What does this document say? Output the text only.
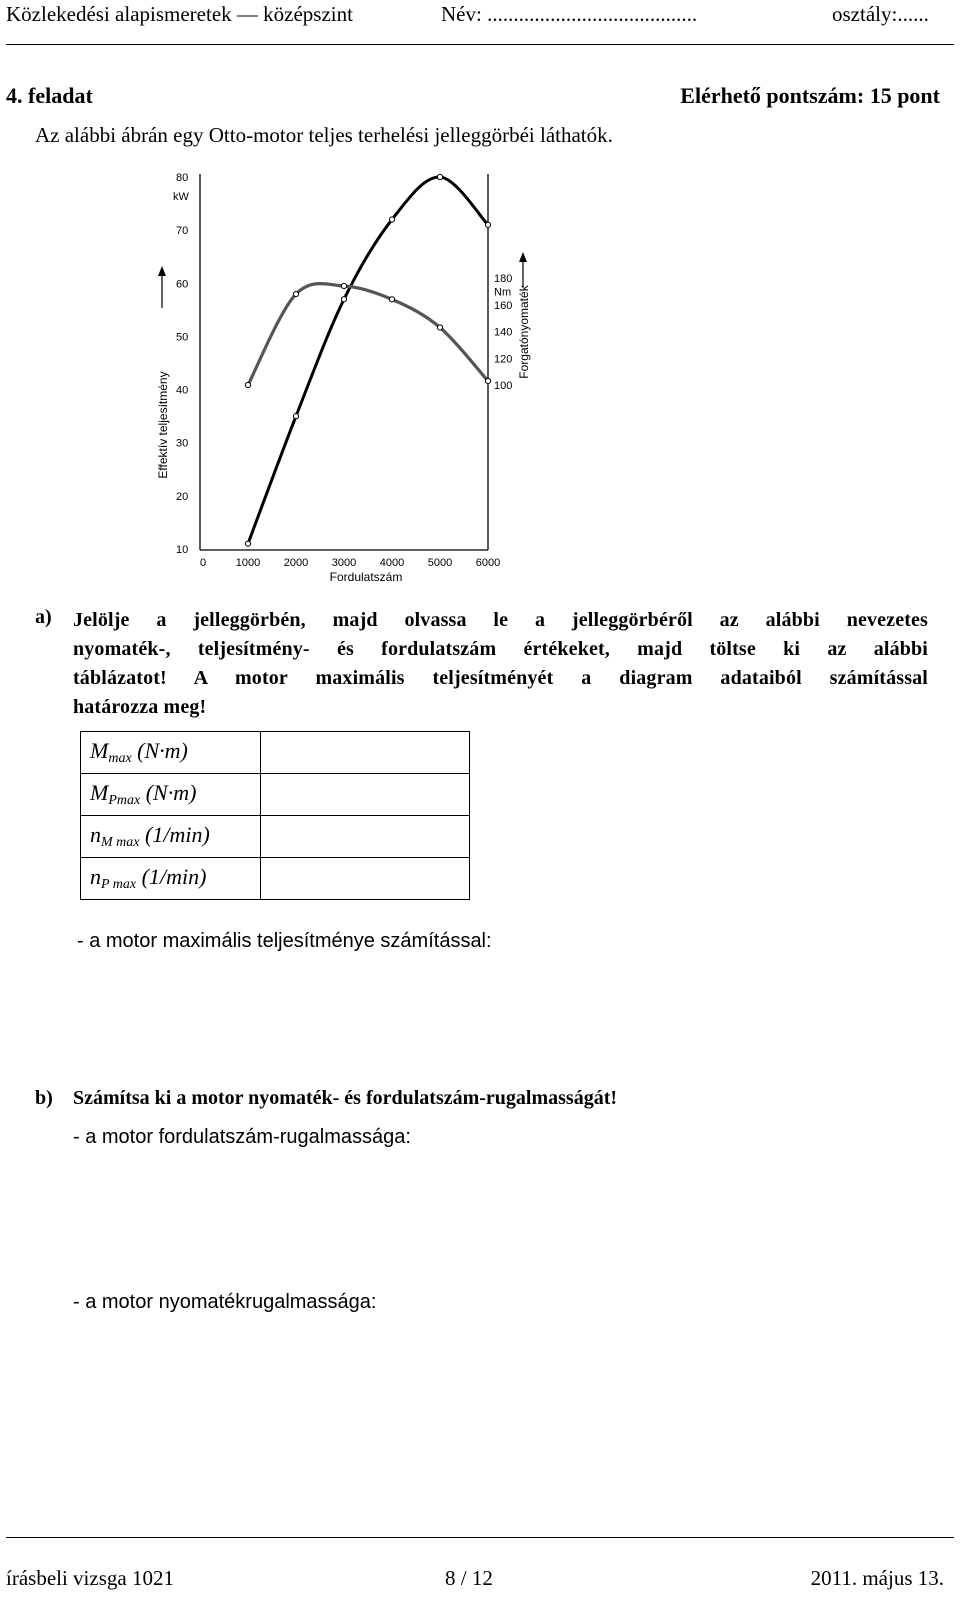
Közlekedési alapismeretek — középszint	Név: ........................................	osztály:......
4. feladat	Elérhető pontszám: 15 pont
Az alábbi ábrán egy Otto-motor teljes terhelési jelleggörbéi láthatók.
80
70
60
50
40
30
20
10
kW
180
160
140
120
100
Nm
0	1000 2000 3000 4000 5000 6000
Fordulatszám
Effektív teljesítmény
Forgatónyomaték
a) Jelölje a jelleggörbén, majd olvassa le a jelleggörbéről az alábbi nevezetes
nyomaték-, teljesítmény- és fordulatszám értékeket, majd töltse ki az alábbi
táblázatot! A motor maximális teljesítményét a diagram adataiból számítással
határozza meg!
$M_{max}$ (N·m)	
$M_{Pmax}$ (N·m)	
$n_{M max}$ (1/min)	
$n_{P max}$ (1/min)	
- a motor maximális teljesítménye számítással:
b) Számítsa ki a motor nyomaték- és fordulatszám-rugalmasságát!
- a motor fordulatszám-rugalmassága:
- a motor nyomatékrugalmassága:
írásbeli vizsga 1021	8 / 12	2011. május 13.
